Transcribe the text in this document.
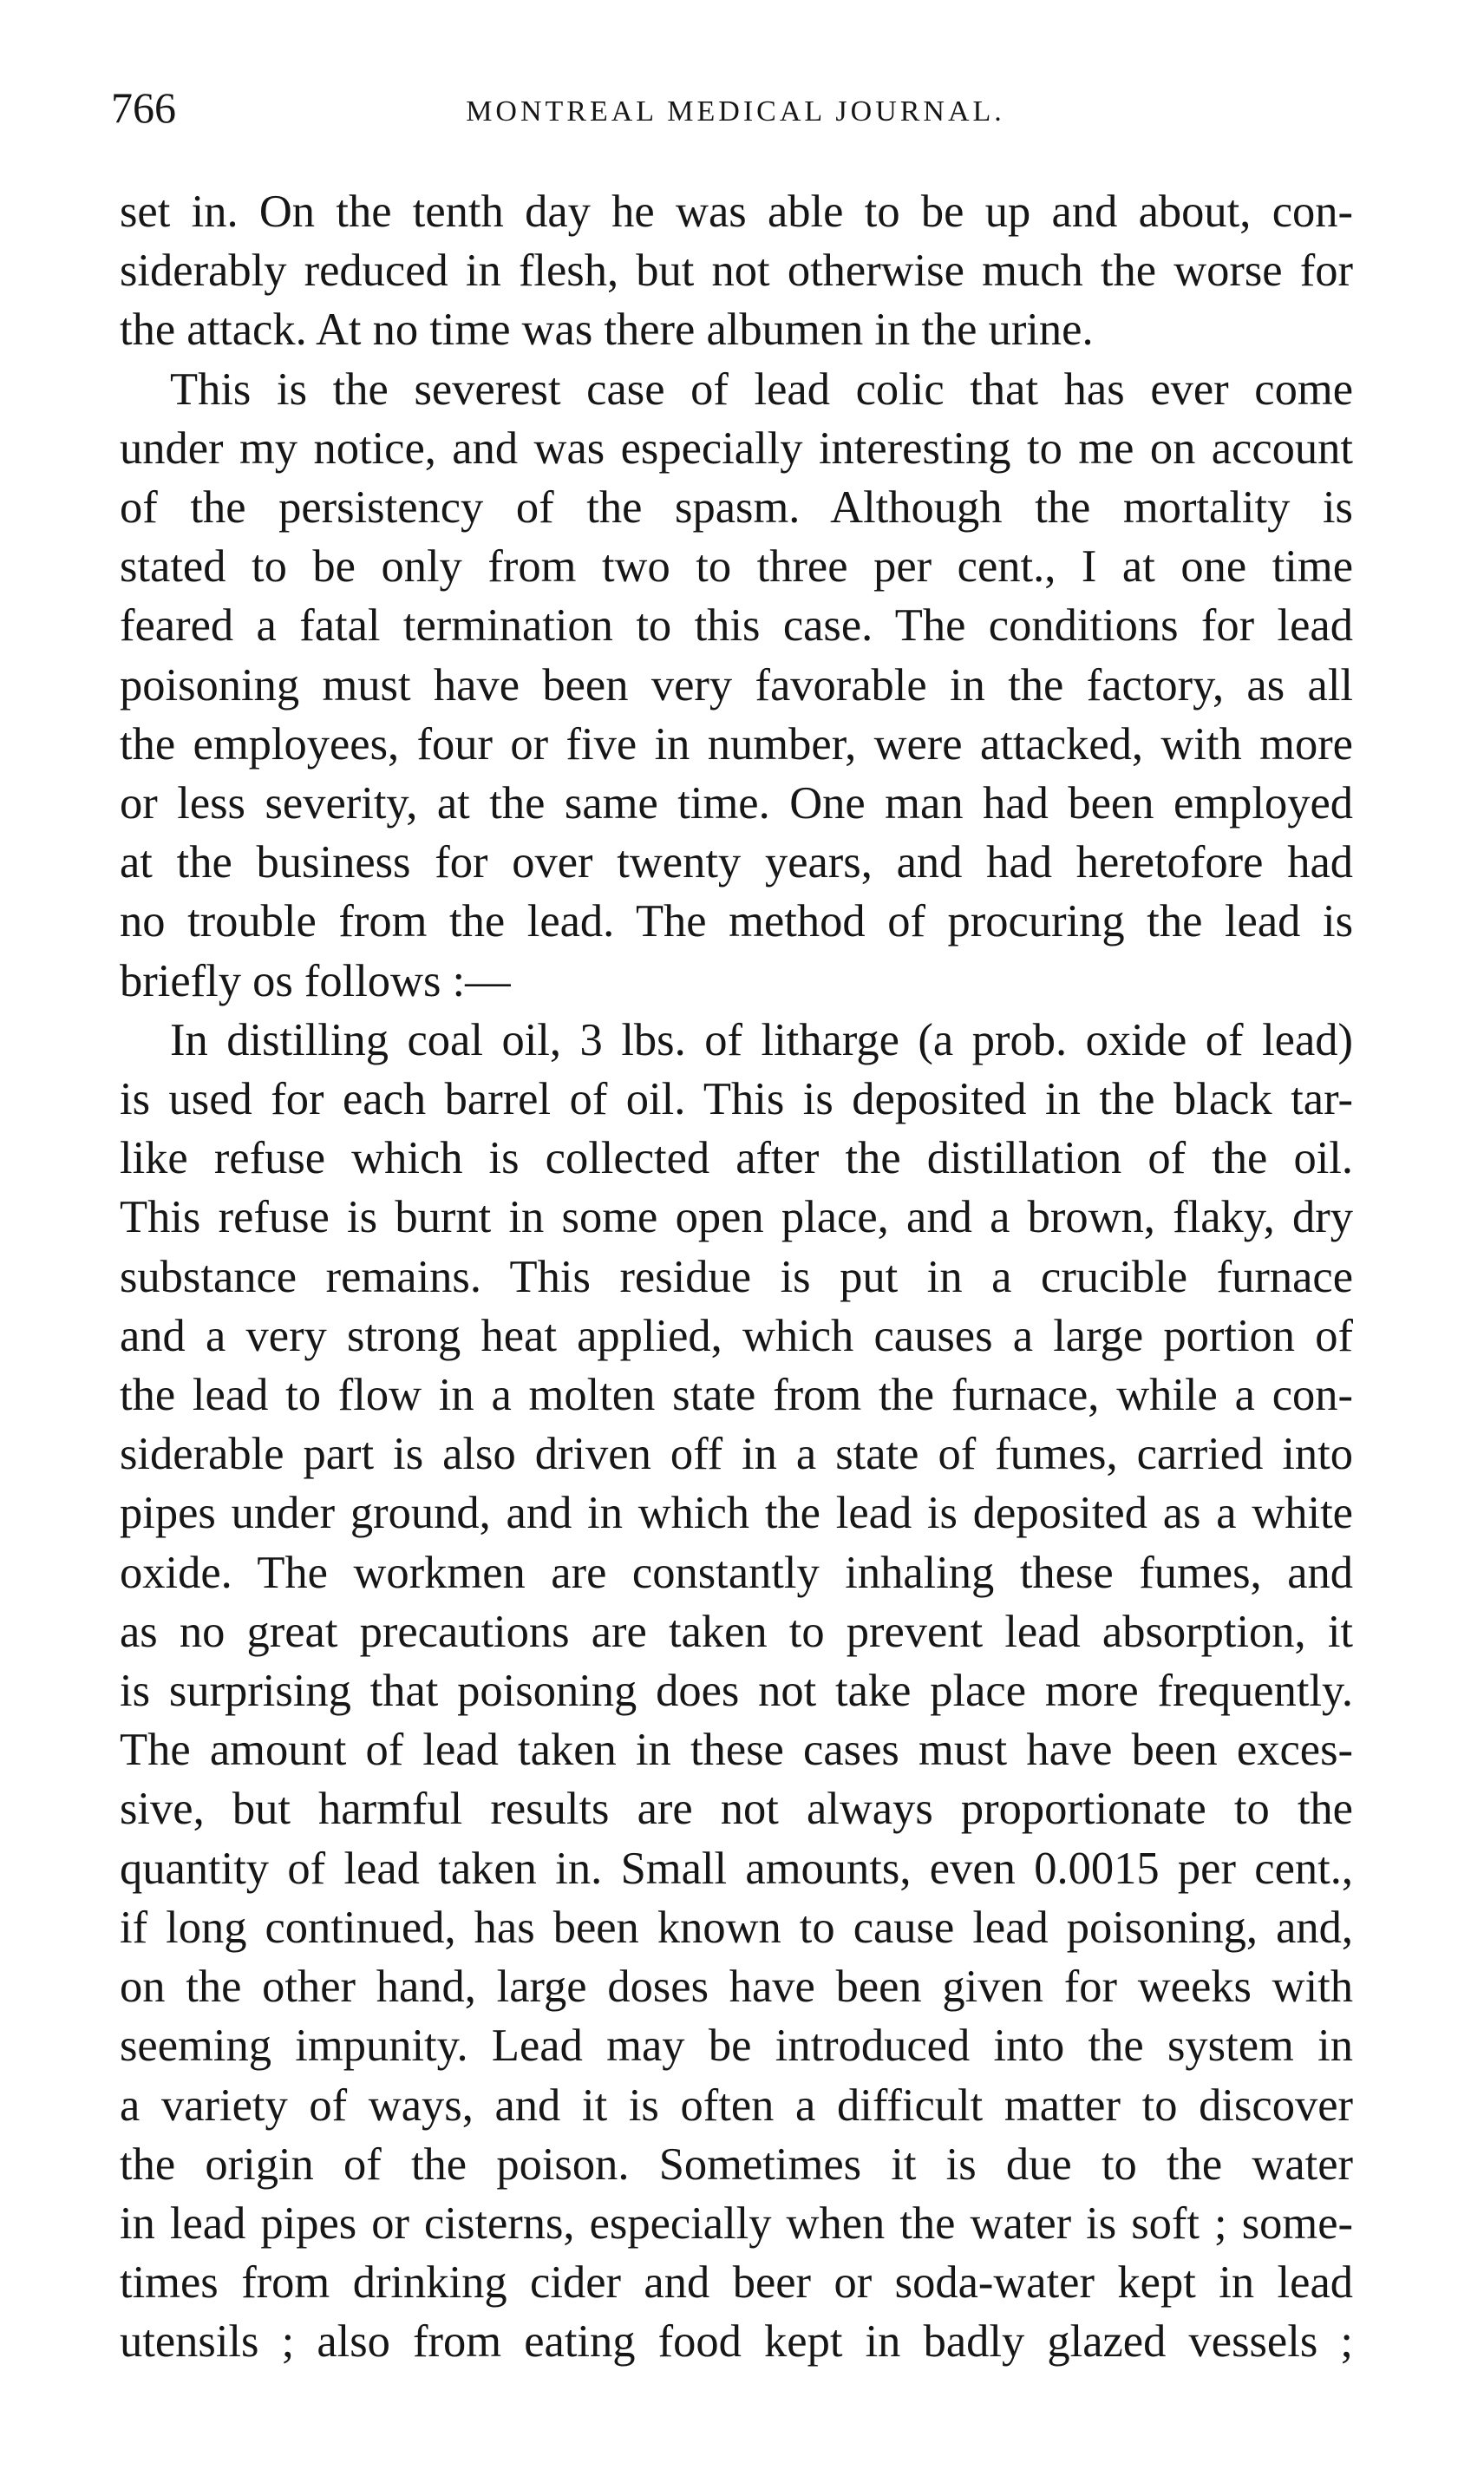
766	MONTREAL MEDICAL JOURNAL.
set in. On the tenth day he was able to be up and about, con-
siderably reduced in flesh, but not otherwise much the worse for
the attack. At no time was there albumen in the urine.
This is the severest case of lead colic that has ever come
under my notice, and was especially interesting to me on account
of the persistency of the spasm. Although the mortality is
stated to be only from two to three per cent., I at one time
feared a fatal termination to this case. The conditions for lead
poisoning must have been very favorable in the factory, as all
the employees, four or five in number, were attacked, with more
or less severity, at the same time. One man had been employed
at the business for over twenty years, and had heretofore had
no trouble from the lead. The method of procuring the lead is
briefly os follows :—
In distilling coal oil, 3 lbs. of litharge (a prob. oxide of lead)
is used for each barrel of oil. This is deposited in the black tar-
like refuse which is collected after the distillation of the oil.
This refuse is burnt in some open place, and a brown, flaky, dry
substance remains. This residue is put in a crucible furnace
and a very strong heat applied, which causes a large portion of
the lead to flow in a molten state from the furnace, while a con-
siderable part is also driven off in a state of fumes, carried into
pipes under ground, and in which the lead is deposited as a white
oxide. The workmen are constantly inhaling these fumes, and
as no great precautions are taken to prevent lead absorption, it
is surprising that poisoning does not take place more frequently.
The amount of lead taken in these cases must have been exces-
sive, but harmful results are not always proportionate to the
quantity of lead taken in. Small amounts, even 0.0015 per cent.,
if long continued, has been known to cause lead poisoning, and,
on the other hand, large doses have been given for weeks with
seeming impunity. Lead may be introduced into the system in
a variety of ways, and it is often a difficult matter to discover
the origin of the poison. Sometimes it is due to the water
in lead pipes or cisterns, especially when the water is soft ; some-
times from drinking cider and beer or soda-water kept in lead
utensils ; also from eating food kept in badly glazed vessels ;
